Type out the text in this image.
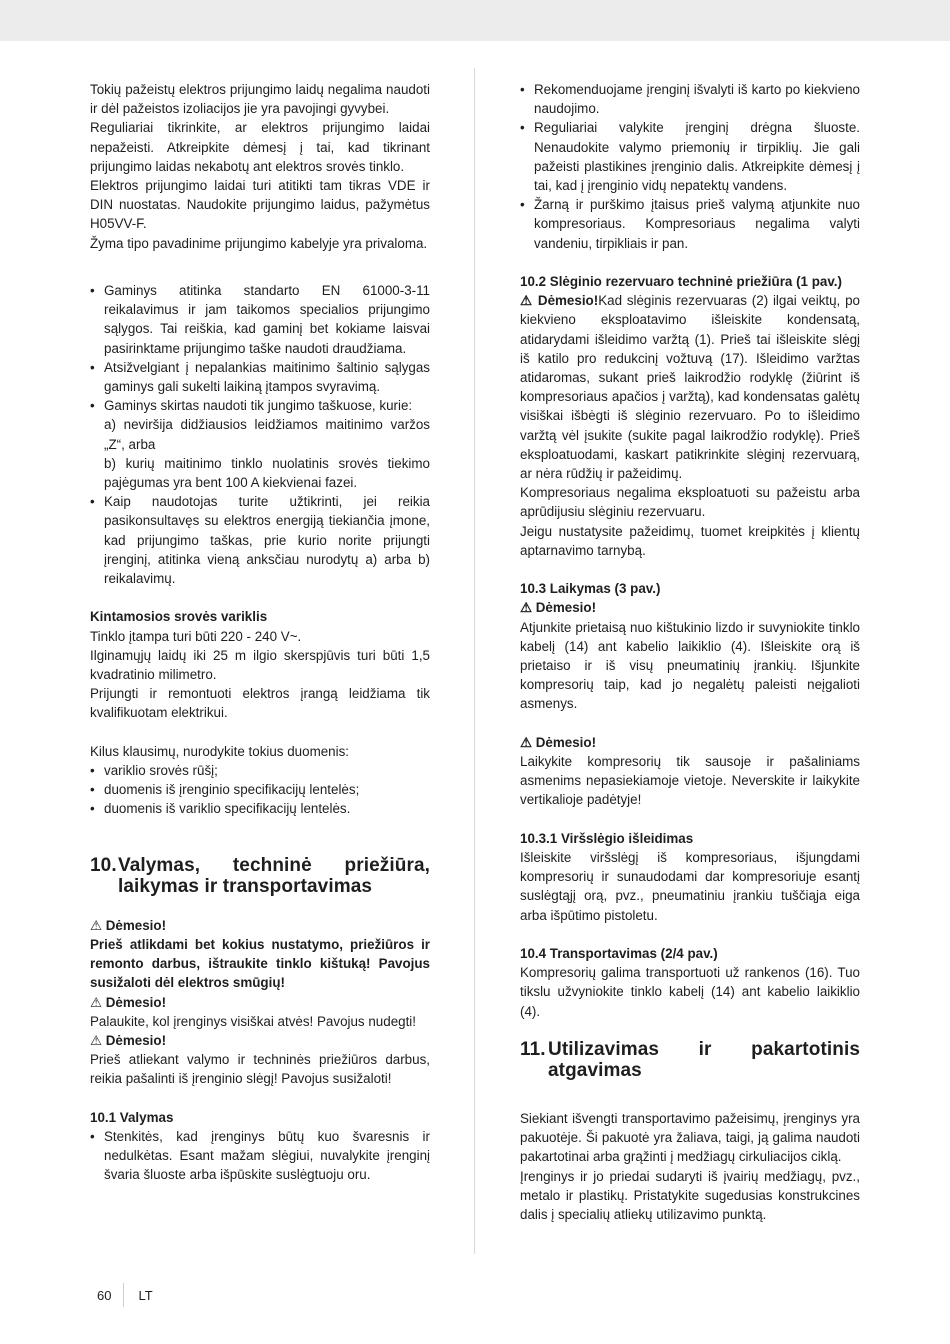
Tokių pažeistų elektros prijungimo laidų negalima naudoti ir dėl pažeistos izoliacijos jie yra pavojingi gyvybei.

Reguliariai tikrinkite, ar elektros prijungimo laidai nepažeisti. Atkreipkite dėmesį į tai, kad tikrinant prijungimo laidas nekabotų ant elektros srovės tinklo.

Elektros prijungimo laidai turi atitikti tam tikras VDE ir DIN nuostatas. Naudokite prijungimo laidus, pažymėtus H05VV-F.

Žyma tipo pavadinime prijungimo kabelyje yra privaloma.

• Gaminys atitinka standarto EN 61000-3-11 reikalavimus ir jam taikomos specialios prijungimo sąlygos. Tai reiškia, kad gaminį bet kokiame laisvai pasirinktame prijungimo taške naudoti draudžiama.
• Atsižvelgiant į nepalankias maitinimo šaltinio sąlygas gaminys gali sukelti laikiną įtampos svyravimą.
• Gaminys skirtas naudoti tik jungimo taškuose, kurie:

a) neviršija didžiausios leidžiamos maitinimo varžos „Z“, arba

b) kurių maitinimo tinklo nuolatinis srovės tiekimo pajėgumas yra bent 100 A kiekvienai fazei.

• Kaip naudotojas turite užtikrinti, jei reikia pasikonsultavęs su elektros energiją tiekiančia įmone, kad prijungimo taškas, prie kurio norite prijungti įrenginį, atitinka vieną anksčiau nurodytų a) arba b) reikalavimų.

Kintamosios srovės variklis

Tinklo įtampa turi būti 220 - 240 V~.

Ilginamųjų laidų iki 25 m ilgio skerspjūvis turi būti 1,5 kvadratinio milimetro.

Prijungti ir remontuoti elektros įrangą leidžiama tik kvalifikuotam elektrikui.

Kilus klausimų, nurodykite tokius duomenis:

• variklio srovės rūšį;
• duomenis iš įrenginio specifikacijų lentelės;
• duomenis iš variklio specifikacijų lentelės.
10. Valymas, techninė priežiūra, laikymas ir transportavimas

⚠ Dėmesio!

Prieš atlikdami bet kokius nustatymo, priežiūros ir remonto darbus, ištraukite tinklo kištuką! Pavojus susižaloti dėl elektros smūgių!

⚠ Dėmesio!

Palaukite, kol įrenginys visiškai atvės! Pavojus nudegti!

⚠ Dėmesio!

Prieš atliekant valymo ir techninės priežiūros darbus, reikia pašalinti iš įrenginio slėgį! Pavojus susižaloti!

10.1 Valymas

• Stenkitės, kad įrenginys būtų kuo švaresnis ir nedulkėtas. Esant mažam slėgiui, nuvalykite įrenginį švaria šluoste arba išpūskite suslėgtuoju oru.
• Rekomenduojame įrenginį išvalyti iš karto po kiekvieno naudojimo.
• Reguliariai valykite įrenginį drėgna šluoste. Nenaudokite valymo priemonių ir tirpiklių. Jie gali pažeisti plastikines įrenginio dalis. Atkreipkite dėmesį į tai, kad į įrenginio vidų nepatektų vandens.
• Žarną ir purškimo įtaisus prieš valymą atjunkite nuo kompresoriaus. Kompresoriaus negalima valyti vandeniu, tirpikliais ir pan.

10.2 Slėginio rezervuaro techninė priežiūra (1 pav.)

⚠ Dėmesio!Kad slėginis rezervuaras (2) ilgai veiktų, po kiekvieno eksploatavimo išleiskite kondensatą, atidarydami išleidimo varžtą (1). Prieš tai išleiskite slėgį iš katilo pro redukcinį vožtuvą (17). Išleidimo varžtas atidaromas, sukant prieš laikrodžio rodyklę (žiūrint iš kompresoriaus apačios į varžtą), kad kondensatas galėtų visiškai išbėgti iš slėginio rezervuaro. Po to išleidimo varžtą vėl įsukite (sukite pagal laikrodžio rodyklę). Prieš eksploatuodami, kaskart patikrinkite slėginį rezervuarą, ar nėra rūdžių ir pažeidimų.

Kompresoriaus negalima eksploatuoti su pažeistu arba aprūdijusiu slėginiu rezervuaru.

Jeigu nustatysite pažeidimų, tuomet kreipkitės į klientų aptarnavimo tarnybą.

10.3 Laikymas (3 pav.)

⚠ Dėmesio!

Atjunkite prietaisą nuo kištukinio lizdo ir suvyniokite tinklo kabelį (14) ant kabelio laikiklio (4). Išleiskite orą iš prietaiso ir iš visų pneumatinių įrankių. Išjunkite kompresorių taip, kad jo negalėtų paleisti neįgalioti asmenys.

⚠ Dėmesio!

Laikykite kompresorių tik sausoje ir pašaliniams asmenims nepasiekiamoje vietoje. Neverskite ir laikykite vertikalioje padėtyje!

10.3.1 Viršslėgio išleidimas

Išleiskite viršslėgį iš kompresoriaus, išjungdami kompresorių ir sunaudodami dar kompresoriuje esantį suslėgtąjį orą, pvz., pneumatiniu įrankiu tuščiąja eiga arba išpūtimo pistoletu.

10.4 Transportavimas (2/4 pav.)

Kompresorių galima transportuoti už rankenos (16). Tuo tikslu užvyniokite tinklo kabelį (14) ant kabelio laikiklio (4).

11. Utilizavimas ir pakartotinis atgavimas

Siekiant išvengti transportavimo pažeisimų, įrenginys yra pakuotėje. Ši pakuotė yra žaliava, taigi, ją galima naudoti pakartotinai arba grąžinti į medžiagų cirkuliacijos ciklą.

Įrenginys ir jo priedai sudaryti iš įvairių medžiagų, pvz., metalo ir plastikų. Pristatykite sugedusias konstrukcines dalis į specialių atliekų utilizavimo punktą.

60 LT
